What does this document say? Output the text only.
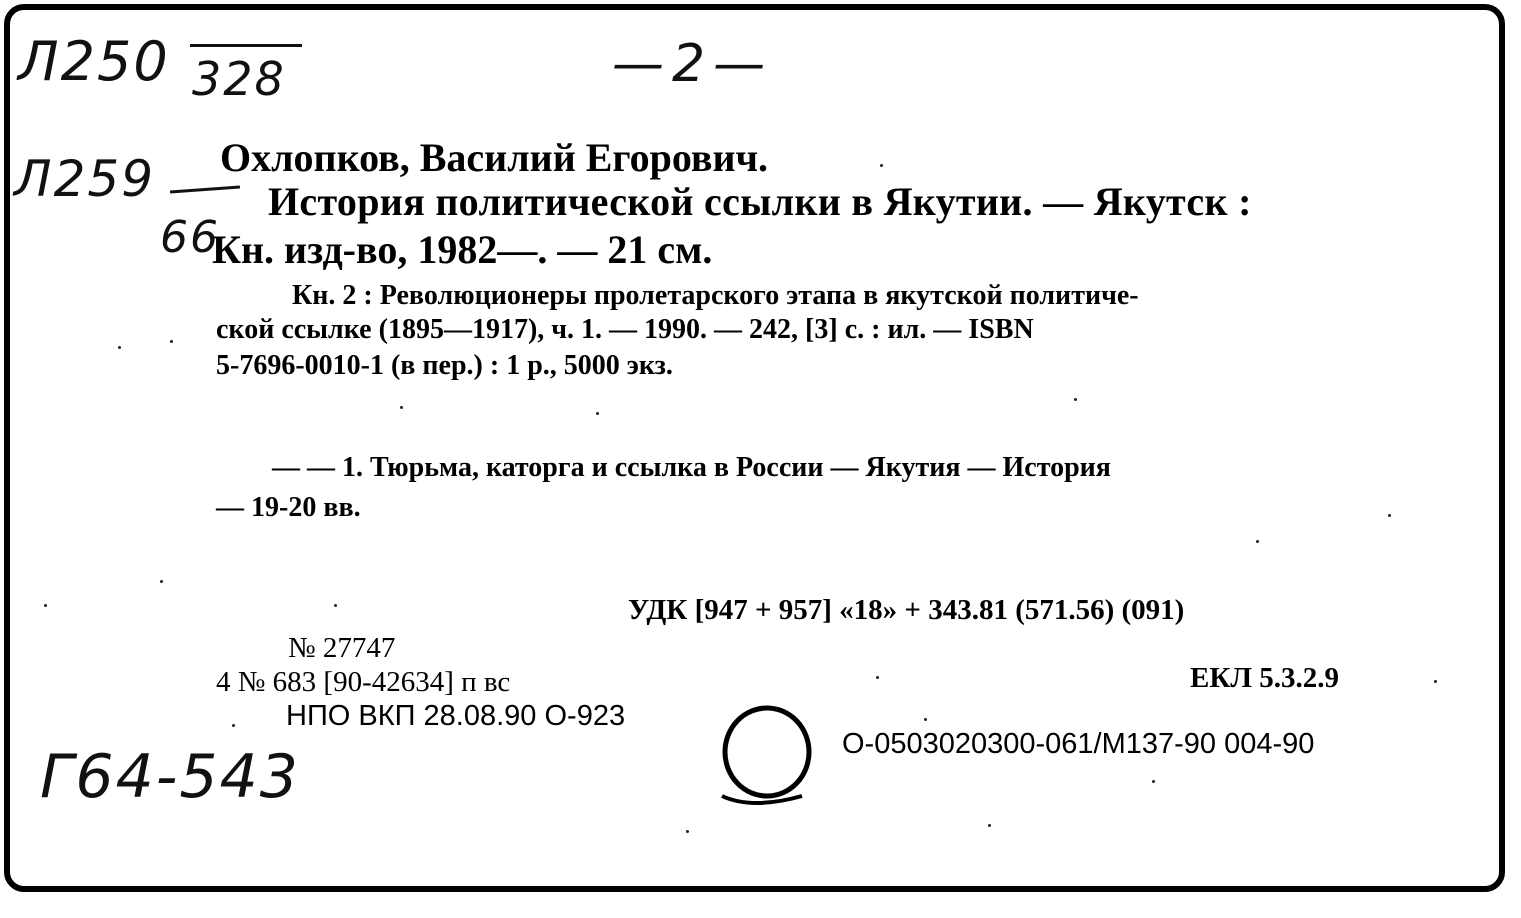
Л250 328	—2—
Л259
66
Г64-543
Охлопков, Василий Егорович.
История политической ссылки в Якутии. — Якутск :
Кн. изд-во, 1982—. — 21 см.
Кн. 2 : Революционеры пролетарского этапа в якутской политиче-
ской ссылке (1895—1917), ч. 1. — 1990. — 242, [3] с. : ил. — ISBN
5-7696-0010-1 (в пер.) : 1 р., 5000 экз.
— — 1. Тюрьма, каторга и ссылка в России — Якутия — История
— 19-20 вв.
УДК [947 + 957] «18» + 343.81 (571.56) (091)
ЕКЛ 5.3.2.9
№ 27747
4 № 683 [90-42634] п вс
НПО ВКП 28.08.90 О-923
О-0503020300-061/М137-90 004-90
